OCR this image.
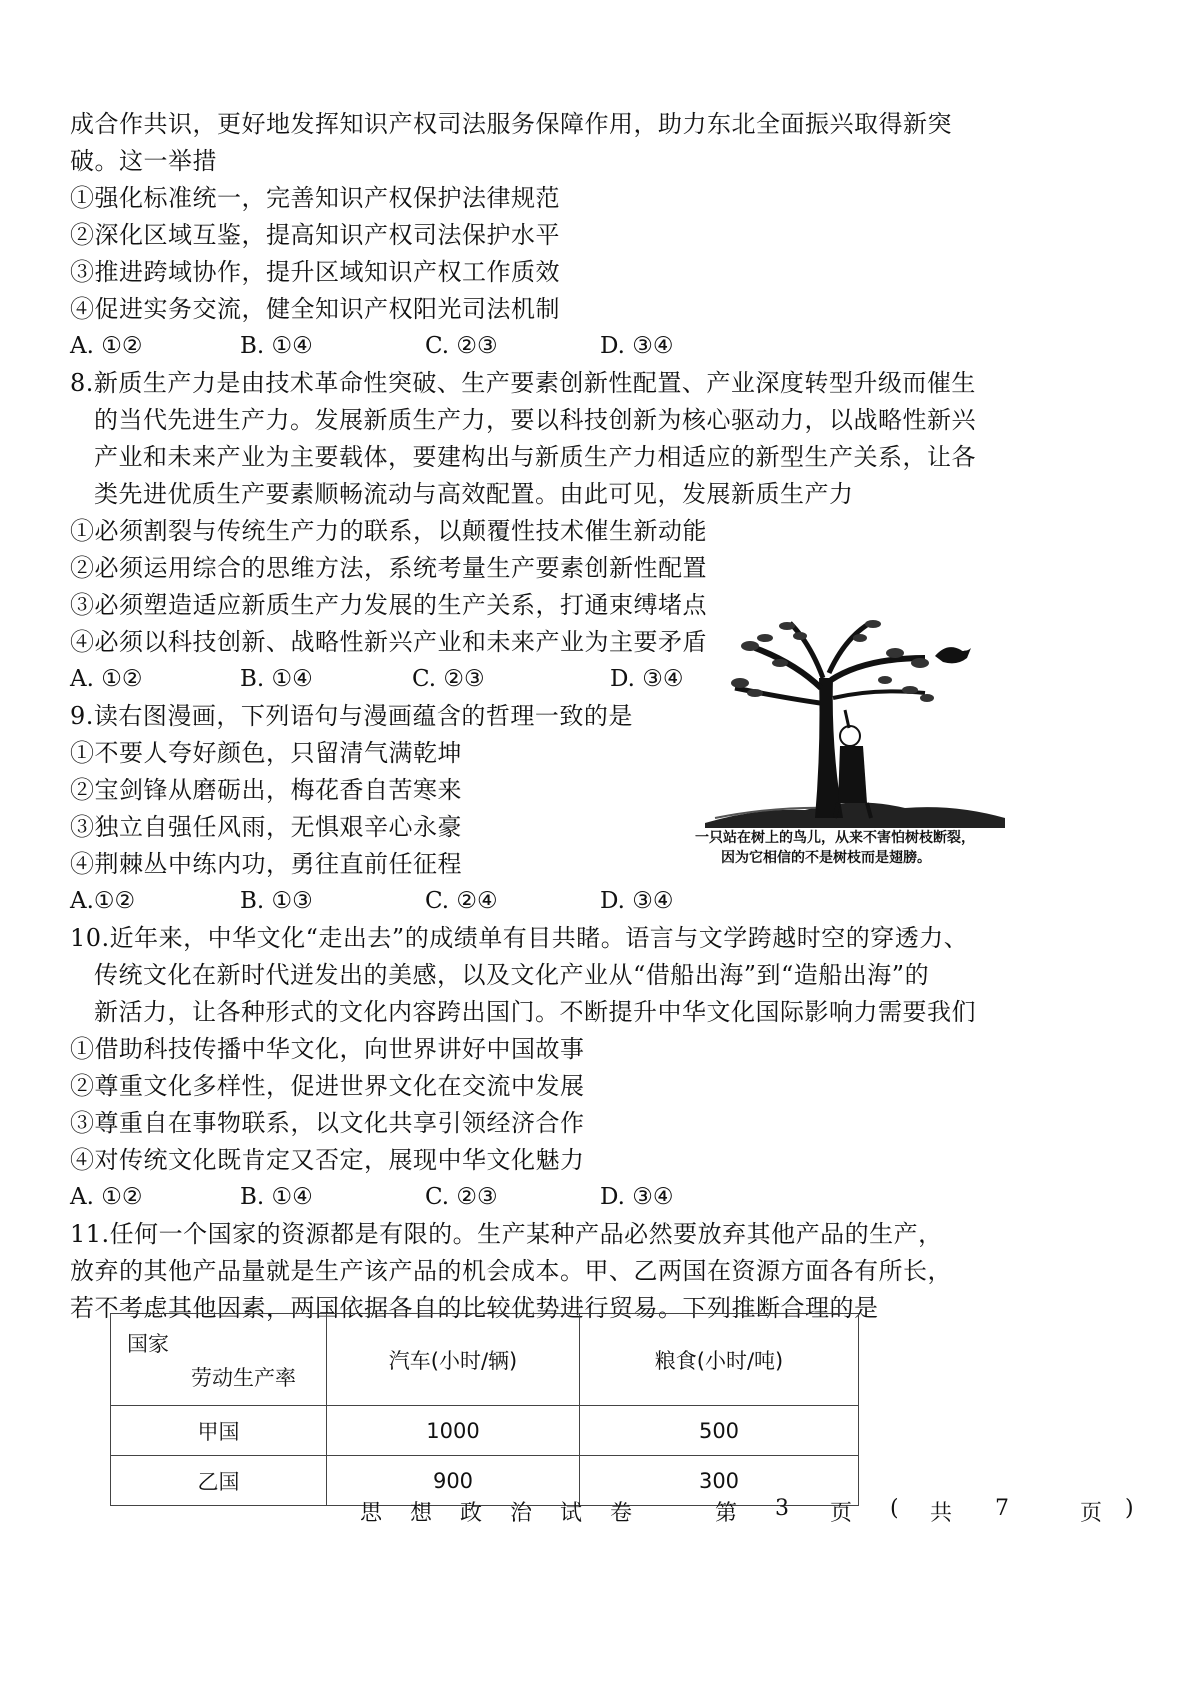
成合作共识，更好地发挥知识产权司法服务保障作用，助力东北全面振兴取得新突
破。这一举措
①强化标准统一，完善知识产权保护法律规范
②深化区域互鉴，提高知识产权司法保护水平
③推进跨域协作，提升区域知识产权工作质效
④促进实务交流，健全知识产权阳光司法机制
A. ①②	B. ①④	C. ②③	D. ③④
8.新质生产力是由技术革命性突破、生产要素创新性配置、产业深度转型升级而催生
的当代先进生产力。发展新质生产力，要以科技创新为核心驱动力，以战略性新兴
产业和未来产业为主要载体，要建构出与新质生产力相适应的新型生产关系，让各
类先进优质生产要素顺畅流动与高效配置。由此可见，发展新质生产力
①必须割裂与传统生产力的联系，以颠覆性技术催生新动能
②必须运用综合的思维方法，系统考量生产要素创新性配置
③必须塑造适应新质生产力发展的生产关系，打通束缚堵点
④必须以科技创新、战略性新兴产业和未来产业为主要矛盾
A. ①②	B. ①④	C. ②③	D. ③④
9.读右图漫画，下列语句与漫画蕴含的哲理一致的是
①不要人夸好颜色，只留清气满乾坤
②宝剑锋从磨砺出，梅花香自苦寒来
③独立自强任风雨，无惧艰辛心永豪
④荆棘丛中练内功，勇往直前任征程
A.①②	B. ①③	C. ②④	D. ③④
一只站在树上的鸟儿，从来不害怕树枝断裂，
因为它相信的不是树枝而是翅膀。
10.近年来，中华文化“走出去”的成绩单有目共睹。语言与文学跨越时空的穿透力、
传统文化在新时代迸发出的美感，以及文化产业从“借船出海”到“造船出海”的
新活力，让各种形式的文化内容跨出国门。不断提升中华文化国际影响力需要我们
①借助科技传播中华文化，向世界讲好中国故事
②尊重文化多样性，促进世界文化在交流中发展
③尊重自在事物联系，以文化共享引领经济合作
④对传统文化既肯定又否定，展现中华文化魅力
A. ①②	B. ①④	C. ②③	D. ③④
11.任何一个国家的资源都是有限的。生产某种产品必然要放弃其他产品的生产，
放弃的其他产品量就是生产该产品的机会成本。甲、乙两国在资源方面各有所长，
若不考虑其他因素，两国依据各自的比较优势进行贸易。下列推断合理的是
国家
劳动生产率	汽车(小时/辆)	粮食(小时/吨)
甲国	1000	500
乙国	900	300
思 想 政 治 试 卷	第 3 页 ( 共 7	页 )
